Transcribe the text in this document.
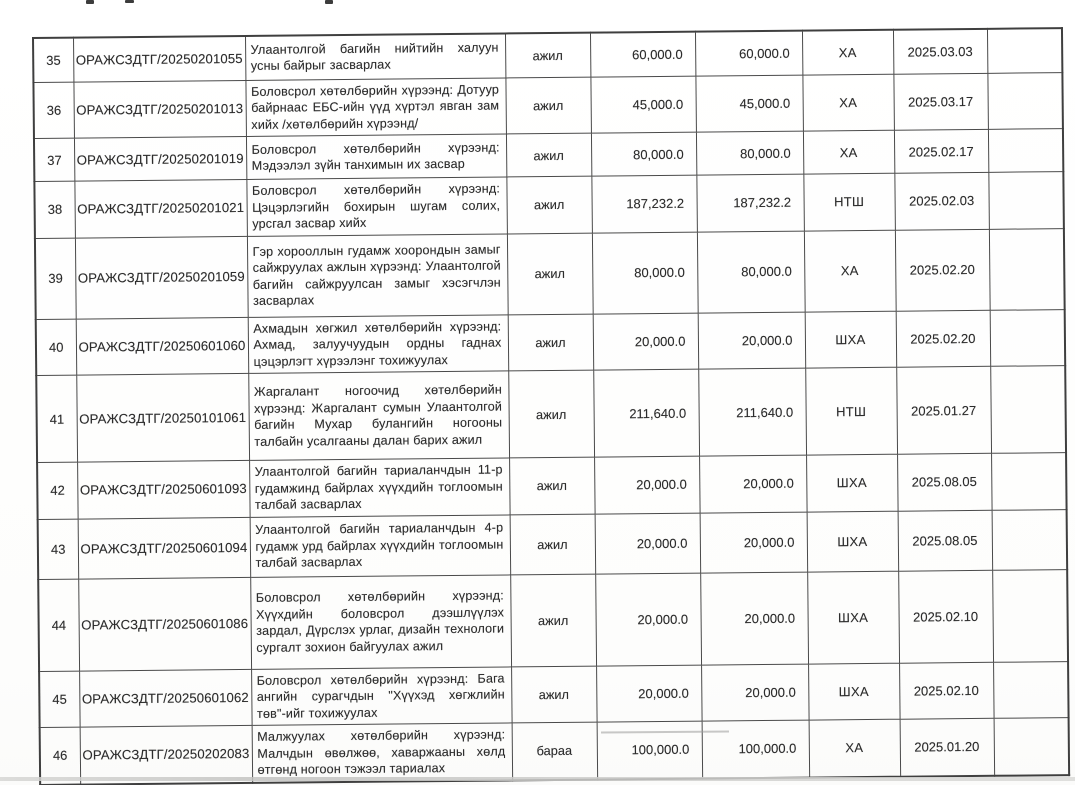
35	ОРАЖСЗДТГ/20250201055	Улаантолгой багийн нийтийн халуун усны байрыг засварлах	ажил	60,000.0	60,000.0	ХА	2025.03.03	
36	ОРАЖСЗДТГ/20250201013	Боловсрол хөтөлбөрийн хүрээнд: Дотуур байрнаас ЕБС-ийн үүд хүртэл явган зам хийх /хөтөлбөрийн хүрээнд/	ажил	45,000.0	45,000.0	ХА	2025.03.17	
37	ОРАЖСЗДТГ/20250201019	Боловсрол хөтөлбөрийн хүрээнд: Мэдээлэл зүйн танхимын их засвар	ажил	80,000.0	80,000.0	ХА	2025.02.17	
38	ОРАЖСЗДТГ/20250201021	Боловсрол хөтөлбөрийн хүрээнд: Цэцэрлэгийн бохирын шугам солих, урсгал засвар хийх	ажил	187,232.2	187,232.2	НТШ	2025.02.03	
39	ОРАЖСЗДТГ/20250201059	Гэр хорооллын гудамж хоорондын замыг сайжруулах ажлын хүрээнд: Улаантолгой багийн сайжруулсан замыг хэсэгчлэн засварлах	ажил	80,000.0	80,000.0	ХА	2025.02.20	
40	ОРАЖСЗДТГ/20250601060	Ахмадын хөгжил хөтөлбөрийн хүрээнд: Ахмад, залуучуудын ордны гаднах цэцэрлэгт хүрээлэнг тохижуулах	ажил	20,000.0	20,000.0	ШХА	2025.02.20	
41	ОРАЖСЗДТГ/20250101061	Жаргалант ногоочид хөтөлбөрийн хүрээнд: Жаргалант сумын Улаантолгой багийн Мухар булангийн ногооны талбайн усалгааны далан барих ажил	ажил	211,640.0	211,640.0	НТШ	2025.01.27	
42	ОРАЖСЗДТГ/20250601093	Улаантолгой багийн тариаланчдын 11-р гудамжинд байрлах хүүхдийн тоглоомын талбай засварлах	ажил	20,000.0	20,000.0	ШХА	2025.08.05	
43	ОРАЖСЗДТГ/20250601094	Улаантолгой багийн тариаланчдын 4-р гудамж урд байрлах хүүхдийн тоглоомын талбай засварлах	ажил	20,000.0	20,000.0	ШХА	2025.08.05	
44	ОРАЖСЗДТГ/20250601086	Боловсрол хөтөлбөрийн хүрээнд: Хүүхдийн боловсрол дээшлүүлэх зардал, Дүрслэх урлаг, дизайн технологи сургалт зохион байгуулах ажил	ажил	20,000.0	20,000.0	ШХА	2025.02.10	
45	ОРАЖСЗДТГ/20250601062	Боловсрол хөтөлбөрийн хүрээнд: Бага ангийн сурагчдын "Хүүхэд хөгжлийн төв"-ийг тохижуулах	ажил	20,000.0	20,000.0	ШХА	2025.02.10	
46	ОРАЖСЗДТГ/20250202083	Малжуулах хөтөлбөрийн хүрээнд: Малчдын өвөлжөө, хаваржааны хөлд өтгөнд ногоон тэжээл тариалах	бараа	100,000.0	100,000.0	ХА	2025.01.20	
